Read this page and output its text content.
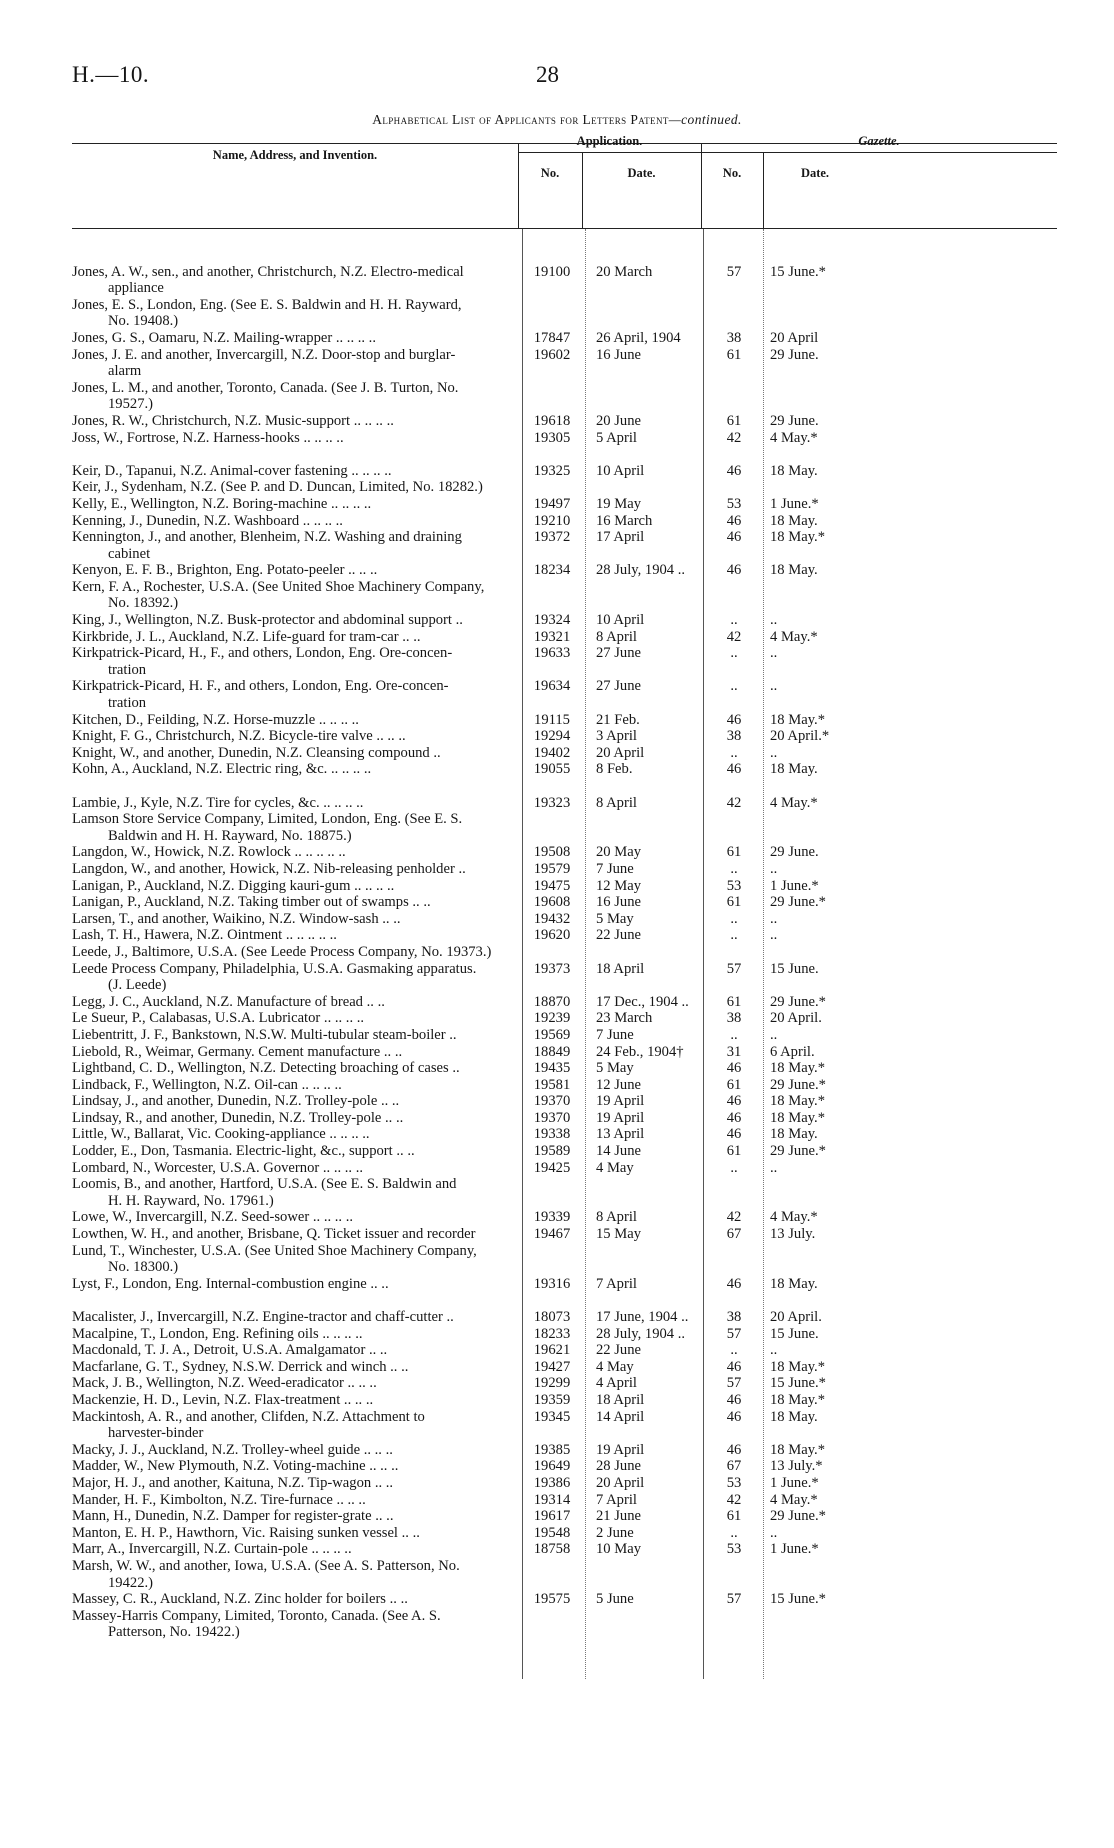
H.—10.	28
Alphabetical List of Applicants for Letters Patent—continued.
Name, Address, and Invention.
Application.
No.	Date.
Gazette.
No.	Date.
Jones, A. W., sen., and another, Christchurch, N.Z. Electro-medical
appliance
19100	20 March	57	15 June.*
Jones, E. S., London, Eng. (See E. S. Baldwin and H. H. Rayward,
No. 19408.)
Jones, G. S., Oamaru, N.Z. Mailing-wrapper .. .. .. ..	17847	26 April, 1904	38	20 April
Jones, J. E. and another, Invercargill, N.Z. Door-stop and burglar-
alarm
19602	16 June	61	29 June.
Jones, L. M., and another, Toronto, Canada. (See J. B. Turton, No.
19527.)
Jones, R. W., Christchurch, N.Z. Music-support .. .. .. ..	19618	20 June	61	29 June.
Joss, W., Fortrose, N.Z. Harness-hooks .. .. .. ..	19305	5 April	42	4 May.*
Keir, D., Tapanui, N.Z. Animal-cover fastening .. .. .. ..	19325	10 April	46	18 May.
Keir, J., Sydenham, N.Z. (See P. and D. Duncan, Limited, No. 18282.)
Kelly, E., Wellington, N.Z. Boring-machine .. .. .. ..	19497	19 May	53	1 June.*
Kenning, J., Dunedin, N.Z. Washboard .. .. .. ..	19210	16 March	46	18 May.
Kennington, J., and another, Blenheim, N.Z. Washing and draining
cabinet
19372	17 April	46	18 May.*
Kenyon, E. F. B., Brighton, Eng. Potato-peeler .. .. ..	18234	28 July, 1904 ..	46	18 May.
Kern, F. A., Rochester, U.S.A. (See United Shoe Machinery Company,
No. 18392.)
King, J., Wellington, N.Z. Busk-protector and abdominal support ..	19324	10 April	..	..
Kirkbride, J. L., Auckland, N.Z. Life-guard for tram-car .. ..	19321	8 April	42	4 May.*
Kirkpatrick-Picard, H., F., and others, London, Eng. Ore-concen-
tration
19633	27 June	..	..
Kirkpatrick-Picard, H. F., and others, London, Eng. Ore-concen-
tration
19634	27 June	..	..
Kitchen, D., Feilding, N.Z. Horse-muzzle .. .. .. ..	19115	21 Feb.	46	18 May.*
Knight, F. G., Christchurch, N.Z. Bicycle-tire valve .. .. ..	19294	3 April	38	20 April.*
Knight, W., and another, Dunedin, N.Z. Cleansing compound ..	19402	20 April	..	..
Kohn, A., Auckland, N.Z. Electric ring, &c. .. .. .. ..	19055	8 Feb.	46	18 May.
Lambie, J., Kyle, N.Z. Tire for cycles, &c. .. .. .. ..	19323	8 April	42	4 May.*
Lamson Store Service Company, Limited, London, Eng. (See E. S.
Baldwin and H. H. Rayward, No. 18875.)
Langdon, W., Howick, N.Z. Rowlock .. .. .. .. ..	19508	20 May	61	29 June.
Langdon, W., and another, Howick, N.Z. Nib-releasing penholder ..	19579	7 June	..	..
Lanigan, P., Auckland, N.Z. Digging kauri-gum .. .. .. ..	19475	12 May	53	1 June.*
Lanigan, P., Auckland, N.Z. Taking timber out of swamps .. ..	19608	16 June	61	29 June.*
Larsen, T., and another, Waikino, N.Z. Window-sash .. ..	19432	5 May	..	..
Lash, T. H., Hawera, N.Z. Ointment .. .. .. .. ..	19620	22 June	..	..
Leede, J., Baltimore, U.S.A. (See Leede Process Company, No. 19373.)
Leede Process Company, Philadelphia, U.S.A. Gasmaking apparatus.
(J. Leede)
19373	18 April	57	15 June.
Legg, J. C., Auckland, N.Z. Manufacture of bread .. ..	18870	17 Dec., 1904 ..	61	29 June.*
Le Sueur, P., Calabasas, U.S.A. Lubricator .. .. .. ..	19239	23 March	38	20 April.
Liebentritt, J. F., Bankstown, N.S.W. Multi-tubular steam-boiler ..	19569	7 June	..	..
Liebold, R., Weimar, Germany. Cement manufacture .. ..	18849	24 Feb., 1904†	31	6 April.
Lightband, C. D., Wellington, N.Z. Detecting broaching of cases ..	19435	5 May	46	18 May.*
Lindback, F., Wellington, N.Z. Oil-can .. .. .. ..	19581	12 June	61	29 June.*
Lindsay, J., and another, Dunedin, N.Z. Trolley-pole .. ..	19370	19 April	46	18 May.*
Lindsay, R., and another, Dunedin, N.Z. Trolley-pole .. ..	19370	19 April	46	18 May.*
Little, W., Ballarat, Vic. Cooking-appliance .. .. .. ..	19338	13 April	46	18 May.
Lodder, E., Don, Tasmania. Electric-light, &c., support .. ..	19589	14 June	61	29 June.*
Lombard, N., Worcester, U.S.A. Governor .. .. .. ..	19425	4 May	..	..
Loomis, B., and another, Hartford, U.S.A. (See E. S. Baldwin and
H. H. Rayward, No. 17961.)
Lowe, W., Invercargill, N.Z. Seed-sower .. .. .. ..	19339	8 April	42	4 May.*
Lowthen, W. H., and another, Brisbane, Q. Ticket issuer and recorder	19467	15 May	67	13 July.
Lund, T., Winchester, U.S.A. (See United Shoe Machinery Company,
No. 18300.)
Lyst, F., London, Eng. Internal-combustion engine .. ..	19316	7 April	46	18 May.
Macalister, J., Invercargill, N.Z. Engine-tractor and chaff-cutter ..	18073	17 June, 1904 ..	38	20 April.
Macalpine, T., London, Eng. Refining oils .. .. .. ..	18233	28 July, 1904 ..	57	15 June.
Macdonald, T. J. A., Detroit, U.S.A. Amalgamator .. ..	19621	22 June	..	..
Macfarlane, G. T., Sydney, N.S.W. Derrick and winch .. ..	19427	4 May	46	18 May.*
Mack, J. B., Wellington, N.Z. Weed-eradicator .. .. ..	19299	4 April	57	15 June.*
Mackenzie, H. D., Levin, N.Z. Flax-treatment .. .. ..	19359	18 April	46	18 May.*
Mackintosh, A. R., and another, Clifden, N.Z. Attachment to
harvester-binder
19345	14 April	46	18 May.
Macky, J. J., Auckland, N.Z. Trolley-wheel guide .. .. ..	19385	19 April	46	18 May.*
Madder, W., New Plymouth, N.Z. Voting-machine .. .. ..	19649	28 June	67	13 July.*
Major, H. J., and another, Kaituna, N.Z. Tip-wagon .. ..	19386	20 April	53	1 June.*
Mander, H. F., Kimbolton, N.Z. Tire-furnace .. .. ..	19314	7 April	42	4 May.*
Mann, H., Dunedin, N.Z. Damper for register-grate .. ..	19617	21 June	61	29 June.*
Manton, E. H. P., Hawthorn, Vic. Raising sunken vessel .. ..	19548	2 June	..	..
Marr, A., Invercargill, N.Z. Curtain-pole .. .. .. ..	18758	10 May	53	1 June.*
Marsh, W. W., and another, Iowa, U.S.A. (See A. S. Patterson, No.
19422.)
Massey, C. R., Auckland, N.Z. Zinc holder for boilers .. ..	19575	5 June	57	15 June.*
Massey-Harris Company, Limited, Toronto, Canada. (See A. S.
Patterson, No. 19422.)
